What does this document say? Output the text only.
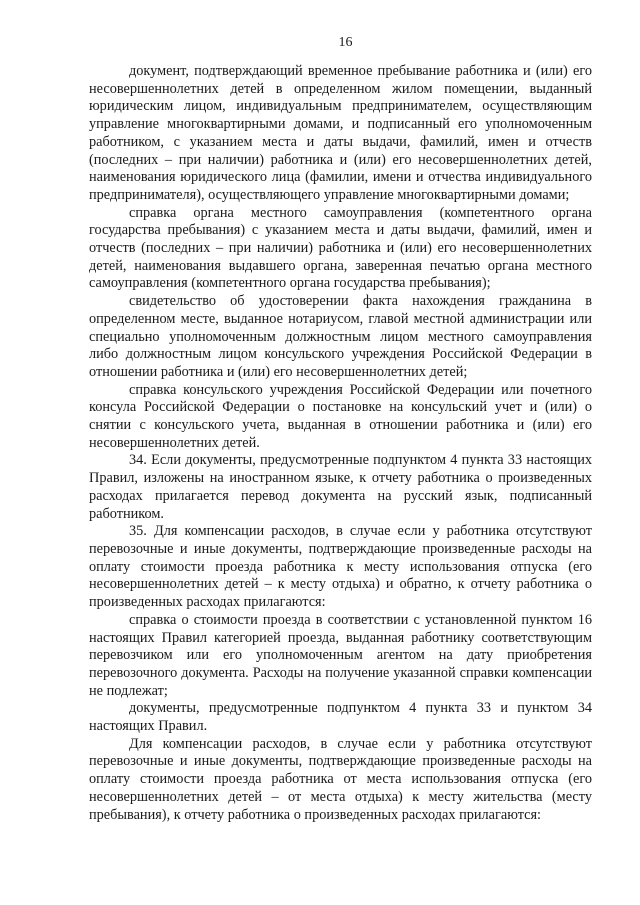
16

документ, подтверждающий временное пребывание работника и (или) его несовершеннолетних детей в определенном жилом помещении, выданный юридическим лицом, индивидуальным предпринимателем, осуществляющим управление многоквартирными домами, и подписанный его уполномоченным работником, с указанием места и даты выдачи, фамилий, имен и отчеств (последних – при наличии) работника и (или) его несовершеннолетних детей, наименования юридического лица (фамилии, имени и отчества индивидуального предпринимателя), осуществляющего управление многоквартирными домами;

справка органа местного самоуправления (компетентного органа государства пребывания) с указанием места и даты выдачи, фамилий, имен и отчеств (последних – при наличии) работника и (или) его несовершеннолетних детей, наименования выдавшего органа, заверенная печатью органа местного самоуправления (компетентного органа государства пребывания);

свидетельство об удостоверении факта нахождения гражданина в определенном месте, выданное нотариусом, главой местной администрации или специально уполномоченным должностным лицом местного самоуправления либо должностным лицом консульского учреждения Российской Федерации в отношении работника и (или) его несовершеннолетних детей;

справка консульского учреждения Российской Федерации или почетного консула Российской Федерации о постановке на консульский учет и (или) о снятии с консульского учета, выданная в отношении работника и (или) его несовершеннолетних детей.

34. Если документы, предусмотренные подпунктом 4 пункта 33 настоящих Правил, изложены на иностранном языке, к отчету работника о произведенных расходах прилагается перевод документа на русский язык, подписанный работником.

35. Для компенсации расходов, в случае если у работника отсутствуют перевозочные и иные документы, подтверждающие произведенные расходы на оплату стоимости проезда работника к месту использования отпуска (его несовершеннолетних детей – к месту отдыха) и обратно, к отчету работника о произведенных расходах прилагаются:

справка о стоимости проезда в соответствии с установленной пунктом 16 настоящих Правил категорией проезда, выданная работнику соответствующим перевозчиком или его уполномоченным агентом на дату приобретения перевозочного документа. Расходы на получение указанной справки компенсации не подлежат;

документы, предусмотренные подпунктом 4 пункта 33 и пунктом 34 настоящих Правил.

Для компенсации расходов, в случае если у работника отсутствуют перевозочные и иные документы, подтверждающие произведенные расходы на оплату стоимости проезда работника от места использования отпуска (его несовершеннолетних детей – от места отдыха) к месту жительства (месту пребывания), к отчету работника о произведенных расходах прилагаются:
